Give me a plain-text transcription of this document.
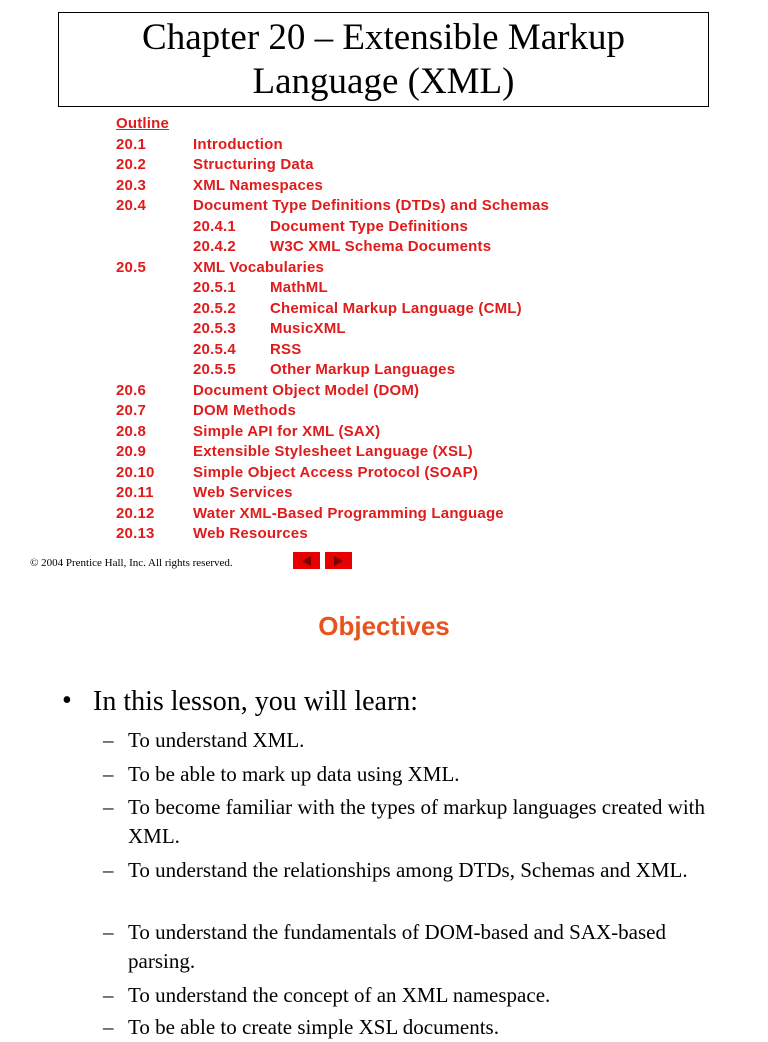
Chapter 20 – Extensible Markup
Language (XML)
Outline
20.1	Introduction
20.2	Structuring Data
20.3	XML Namespaces
20.4	Document Type Definitions (DTDs) and Schemas
20.4.1 Document Type Definitions
20.4.2 W3C XML Schema Documents
20.5	XML Vocabularies
20.5.1 MathML
20.5.2 Chemical Markup Language (CML)
20.5.3 MusicXML
20.5.4 RSS
20.5.5 Other Markup Languages
20.6	Document Object Model (DOM)
20.7	DOM Methods
20.8	Simple API for XML (SAX)
20.9	Extensible Stylesheet Language (XSL)
20.10	Simple Object Access Protocol (SOAP)
20.11	Web Services
20.12	Water XML-Based Programming Language
20.13	Web Resources
© 2004 Prentice Hall, Inc. All rights reserved.
Objectives
• In this lesson, you will learn:
– To understand XML.
– To be able to mark up data using XML.
– To become familiar with the types of markup languages created with XML.
– To understand the relationships among DTDs, Schemas and XML.
– To understand the fundamentals of DOM-based and SAX-based parsing.
– To understand the concept of an XML namespace.
– To be able to create simple XSL documents.
